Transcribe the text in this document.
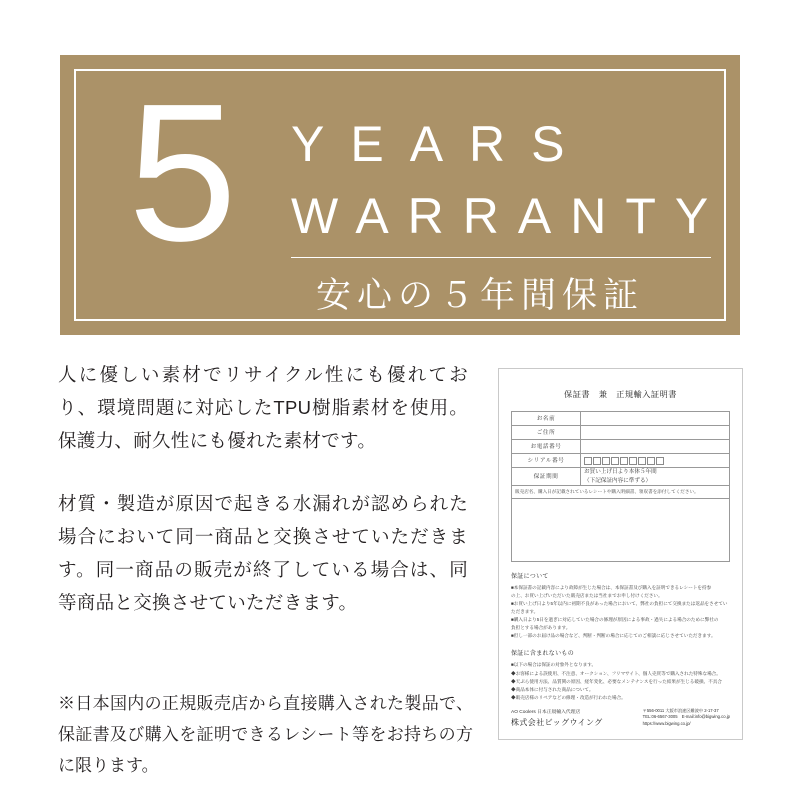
5 YEARS
WARRANTY
安心の５年間保証

人に優しい素材でリサイクル性にも優れており、環境問題に対応したTPU樹脂素材を使用。保護力、耐久性にも優れた素材です。

材質・製造が原因で起きる水漏れが認められた場合において同一商品と交換させていただきます。同一商品の販売が終了している場合は、同等商品と交換させていただきます。

※日本国内の正規販売店から直接購入された製品で、保証書及び購入を証明できるレシート等をお持ちの方に限ります。
保証書　兼　正規輸入証明書
お名前	
ご住所	
お電話番号	
シリアル番号	

保証期間	お買い上げ日より本体５年間
（下記保証内容に準ずる）
販売店名、購入日が記載されているレシートや購入明細書、領収書を添付してください。
保証について
■本保証書の記載内容により故障が生じた場合は、本保証書及び購入を証明できるレシートを持参
の上、お買い上げいただいた販売店または当社までお申し付けください。
■お買い上げ日より5年以内に初期不良があった場合において、弊社の負担にて交換または返品をさせていただきます。
■購入日より5日を過ぎに対応していた場合の修理が原因による事故・過失による場合のために弊社の
負担とする場合があります。
■但し一部のお届け品の場合など、判断・判断の場合に応じてのご相談に応じさせていただきます。
保証に含まれないもの
■以下の場合は保証の対象外となります。
◆お客様による誤使用、不注意、オークション、フリマサイト、個人売買等で購入された特殊な場合。
◆天ぷら使用方法、品質関の原因、経年変化、必要なメンテナンスを行った結果が生じる破損、不具合
◆商品本体に付与された商品について。
◆販売店様のリペアなどの修理・改造が行われた場合。
AO Coolers 日本正規輸入代理店
株式会社ビッグウイング
〒556-0011 大阪市浪速区難波中 2-17-37
TEL:06-6567-3005　E-mail:info@bigwing.co.jp
https://www.bigwing.co.jp/
